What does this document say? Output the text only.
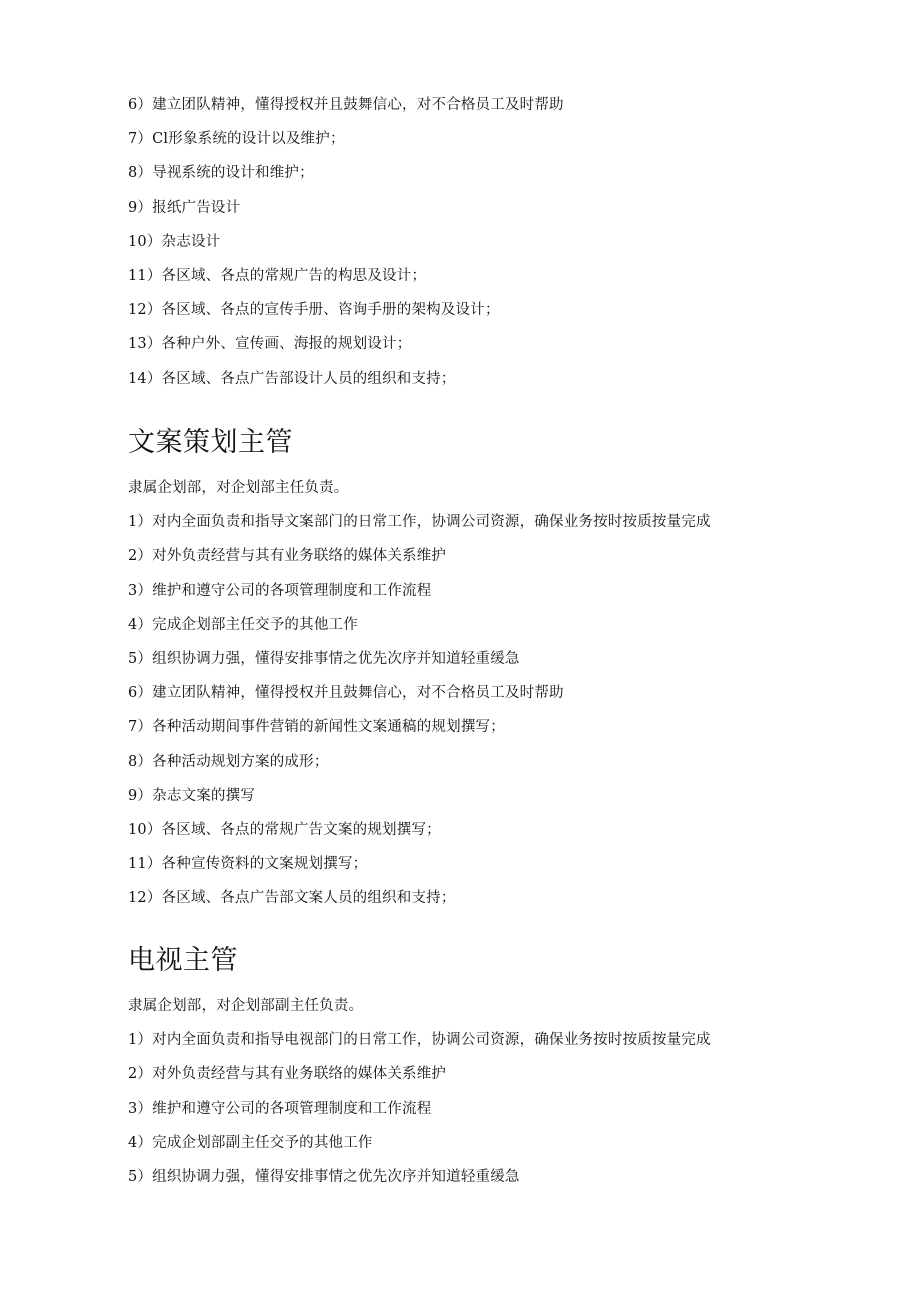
6）建立团队精神，懂得授权并且鼓舞信心，对不合格员工及时帮助
7）Cl形象系统的设计以及维护；
8）导视系统的设计和维护；
9）报纸广告设计
10）杂志设计
11）各区域、各点的常规广告的构思及设计；
12）各区域、各点的宣传手册、咨询手册的架构及设计；
13）各种户外、宣传画、海报的规划设计；
14）各区域、各点广告部设计人员的组织和支持；
文案策划主管
隶属企划部，对企划部主任负责。
1）对内全面负责和指导文案部门的日常工作，协调公司资源，确保业务按时按质按量完成
2）对外负责经营与其有业务联络的媒体关系维护
3）维护和遵守公司的各项管理制度和工作流程
4）完成企划部主任交予的其他工作
5）组织协调力强，懂得安排事情之优先次序并知道轻重缓急
6）建立团队精神，懂得授权并且鼓舞信心，对不合格员工及时帮助
7）各种活动期间事件营销的新闻性文案通稿的规划撰写；
8）各种活动规划方案的成形；
9）杂志文案的撰写
10）各区域、各点的常规广告文案的规划撰写；
11）各种宣传资料的文案规划撰写；
12）各区域、各点广告部文案人员的组织和支持；
电视主管
隶属企划部，对企划部副主任负责。
1）对内全面负责和指导电视部门的日常工作，协调公司资源，确保业务按时按质按量完成
2）对外负责经营与其有业务联络的媒体关系维护
3）维护和遵守公司的各项管理制度和工作流程
4）完成企划部副主任交予的其他工作
5）组织协调力强，懂得安排事情之优先次序并知道轻重缓急
